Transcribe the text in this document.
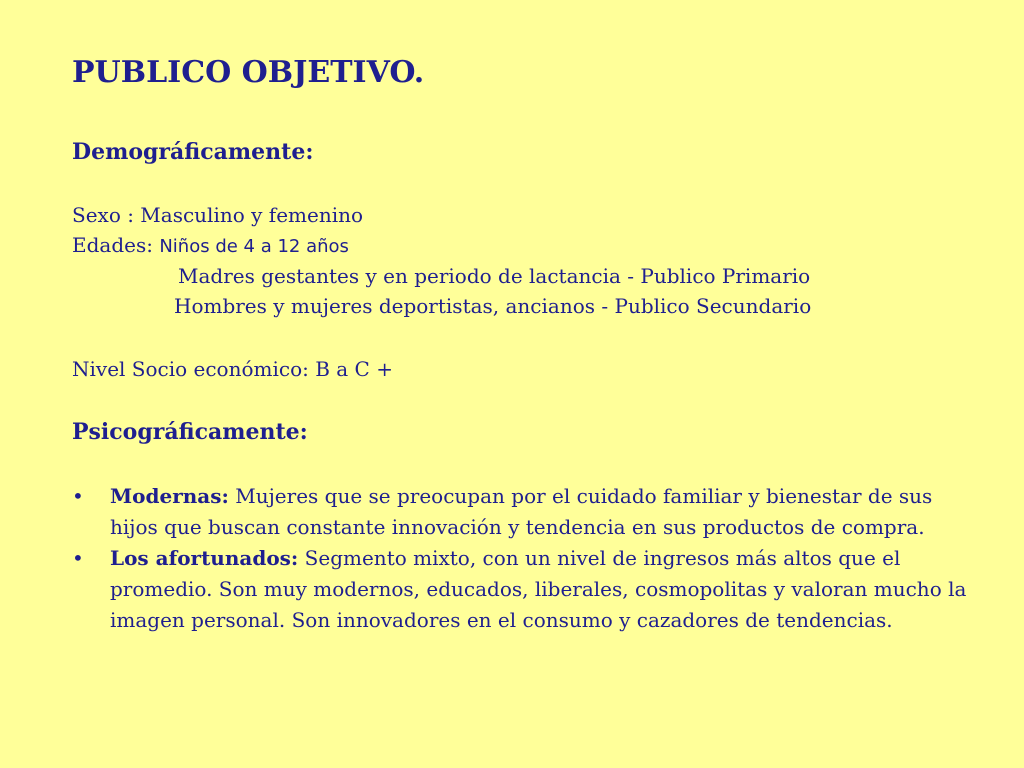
PUBLICO OBJETIVO.
Demográficamente:
Sexo : Masculino y femenino
Edades: Niños de 4 a 12 años
Madres gestantes y en periodo de lactancia - Publico Primario
Hombres y mujeres deportistas, ancianos - Publico Secundario
Nivel Socio económico: B a C +
Psicográficamente:
• Modernas: Mujeres que se preocupan por el cuidado familiar y bienestar de sus hijos que buscan constante innovación y tendencia en sus productos de compra.
• Los afortunados: Segmento mixto, con un nivel de ingresos más altos que el promedio. Son muy modernos, educados, liberales, cosmopolitas y valoran mucho la imagen personal. Son innovadores en el consumo y cazadores de tendencias.
